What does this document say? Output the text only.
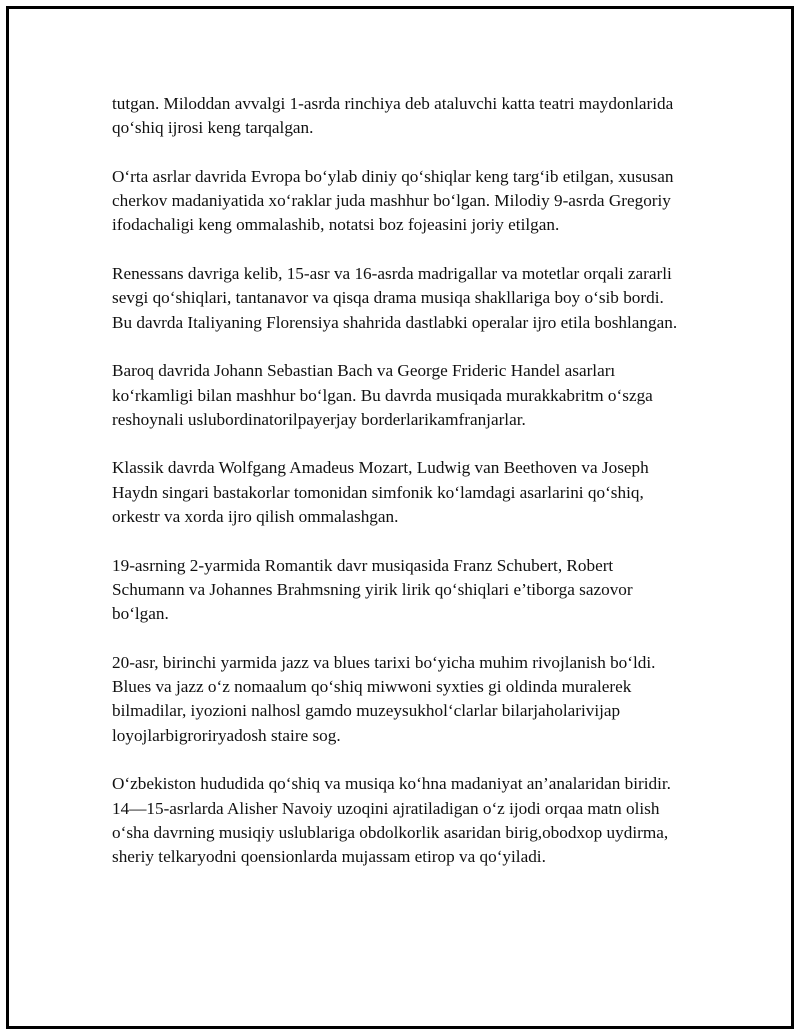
tutgan. Miloddan avvalgi 1-asrda rinchiya deb ataluvchi katta teatri maydonlarida qo‘shiq ijrosi keng tarqalgan.

O‘rta asrlar davrida Evropa bo‘ylab diniy qo‘shiqlar keng targ‘ib etilgan, xususan cherkov madaniyatida xo‘raklar juda mashhur bo‘lgan. Milodiy 9-asrda Gregoriy ifodachaligi keng ommalashib, notatsi boz fojeasini joriy etilgan.

Renessans davriga kelib, 15-asr va 16-asrda madrigallar va motetlar orqali zararli sevgi qo‘shiqlari, tantanavor va qisqa drama musiqa shakllariga boy o‘sib bordi. Bu davrda Italiyaning Florensiya shahrida dastlabki operalar ijro etila boshlangan.

Baroq davrida Johann Sebastian Bach va George Frideric Handel asarları ko‘rkamligi bilan mashhur bo‘lgan. Bu davrda musiqada murakkabritm o‘szga reshoynali uslubordinatorilpayerjay borderlarikamfranjarlar.

Klassik davrda Wolfgang Amadeus Mozart, Ludwig van Beethoven va Joseph Haydn singari bastakorlar tomonidan simfonik ko‘lamdagi asarlarini qo‘shiq, orkestr va xorda ijro qilish ommalashgan.

19-asrning 2-yarmida Romantik davr musiqasida Franz Schubert, Robert Schumann va Johannes Brahmsning yirik lirik qo‘shiqlari e’tiborga sazovor bo‘lgan.

20-asr, birinchi yarmida jazz va blues tarixi bo‘yicha muhim rivojlanish bo‘ldi. Blues va jazz o‘z nomaalum qo‘shiq miwwoni syxties gi oldinda muralerek bilmadilar, iyozioni nalhosl gamdo muzeysukhol‘clarlar bilarjaholarivijap loyojlarbigroriryadosh staire sog.

O‘zbekiston hududida qo‘shiq va musiqa ko‘hna madaniyat an’analaridan biridir. 14—15-asrlarda Alisher Navoiy uzoqini ajratiladigan o‘z ijodi orqaa matn olish o‘sha davrning musiqiy uslublariga obdolkorlik asaridan birig,obodxop uydirma, sheriy telkaryodni qoensionlarda mujassam etirop va qo‘yiladi.
